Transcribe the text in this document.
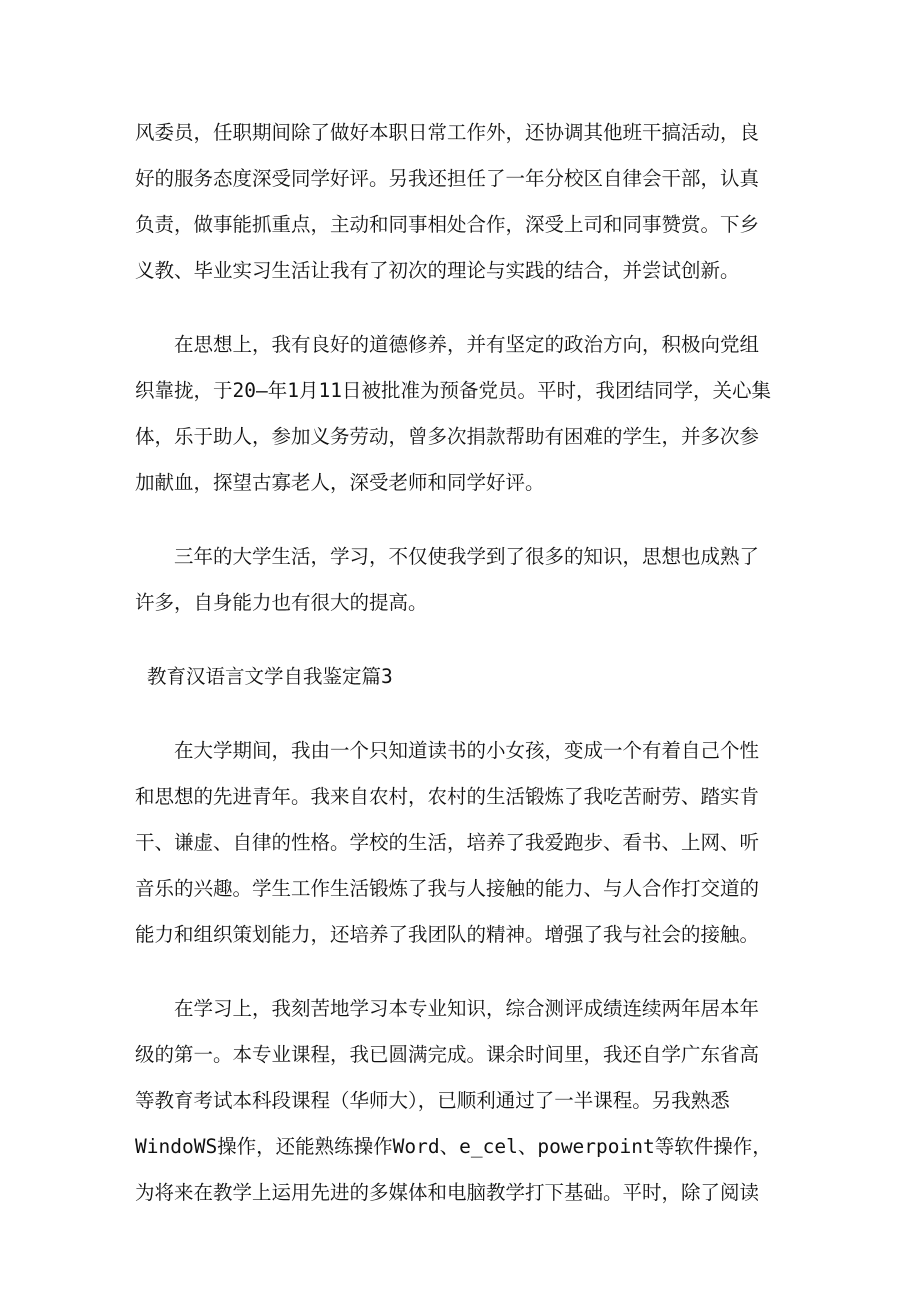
风委员，任职期间除了做好本职日常工作外，还协调其他班干搞活动，良
好的服务态度深受同学好评。另我还担任了一年分校区自律会干部，认真
负责，做事能抓重点，主动和同事相处合作，深受上司和同事赞赏。下乡
义教、毕业实习生活让我有了初次的理论与实践的结合，并尝试创新。
　　在思想上，我有良好的道德修养，并有坚定的政治方向，积极向党组
织靠拢，于20—年1月11日被批准为预备党员。平时，我团结同学，关心集
体，乐于助人，参加义务劳动，曾多次捐款帮助有困难的学生，并多次参
加献血，探望古寡老人，深受老师和同学好评。
　　三年的大学生活，学习，不仅使我学到了很多的知识，思想也成熟了
许多，自身能力也有很大的提高。
教育汉语言文学自我鉴定篇3
　　在大学期间，我由一个只知道读书的小女孩，变成一个有着自己个性
和思想的先进青年。我来自农村，农村的生活锻炼了我吃苦耐劳、踏实肯
干、谦虚、自律的性格。学校的生活，培养了我爱跑步、看书、上网、听
音乐的兴趣。学生工作生活锻炼了我与人接触的能力、与人合作打交道的
能力和组织策划能力，还培养了我团队的精神。增强了我与社会的接触。
　　在学习上，我刻苦地学习本专业知识，综合测评成绩连续两年居本年
级的第一。本专业课程，我已圆满完成。课余时间里，我还自学广东省高
等教育考试本科段课程（华师大），已顺利通过了一半课程。另我熟悉
WindoWS操作，还能熟练操作Word、e_cel、powerpoint等软件操作，
为将来在教学上运用先进的多媒体和电脑教学打下基础。平时，除了阅读
